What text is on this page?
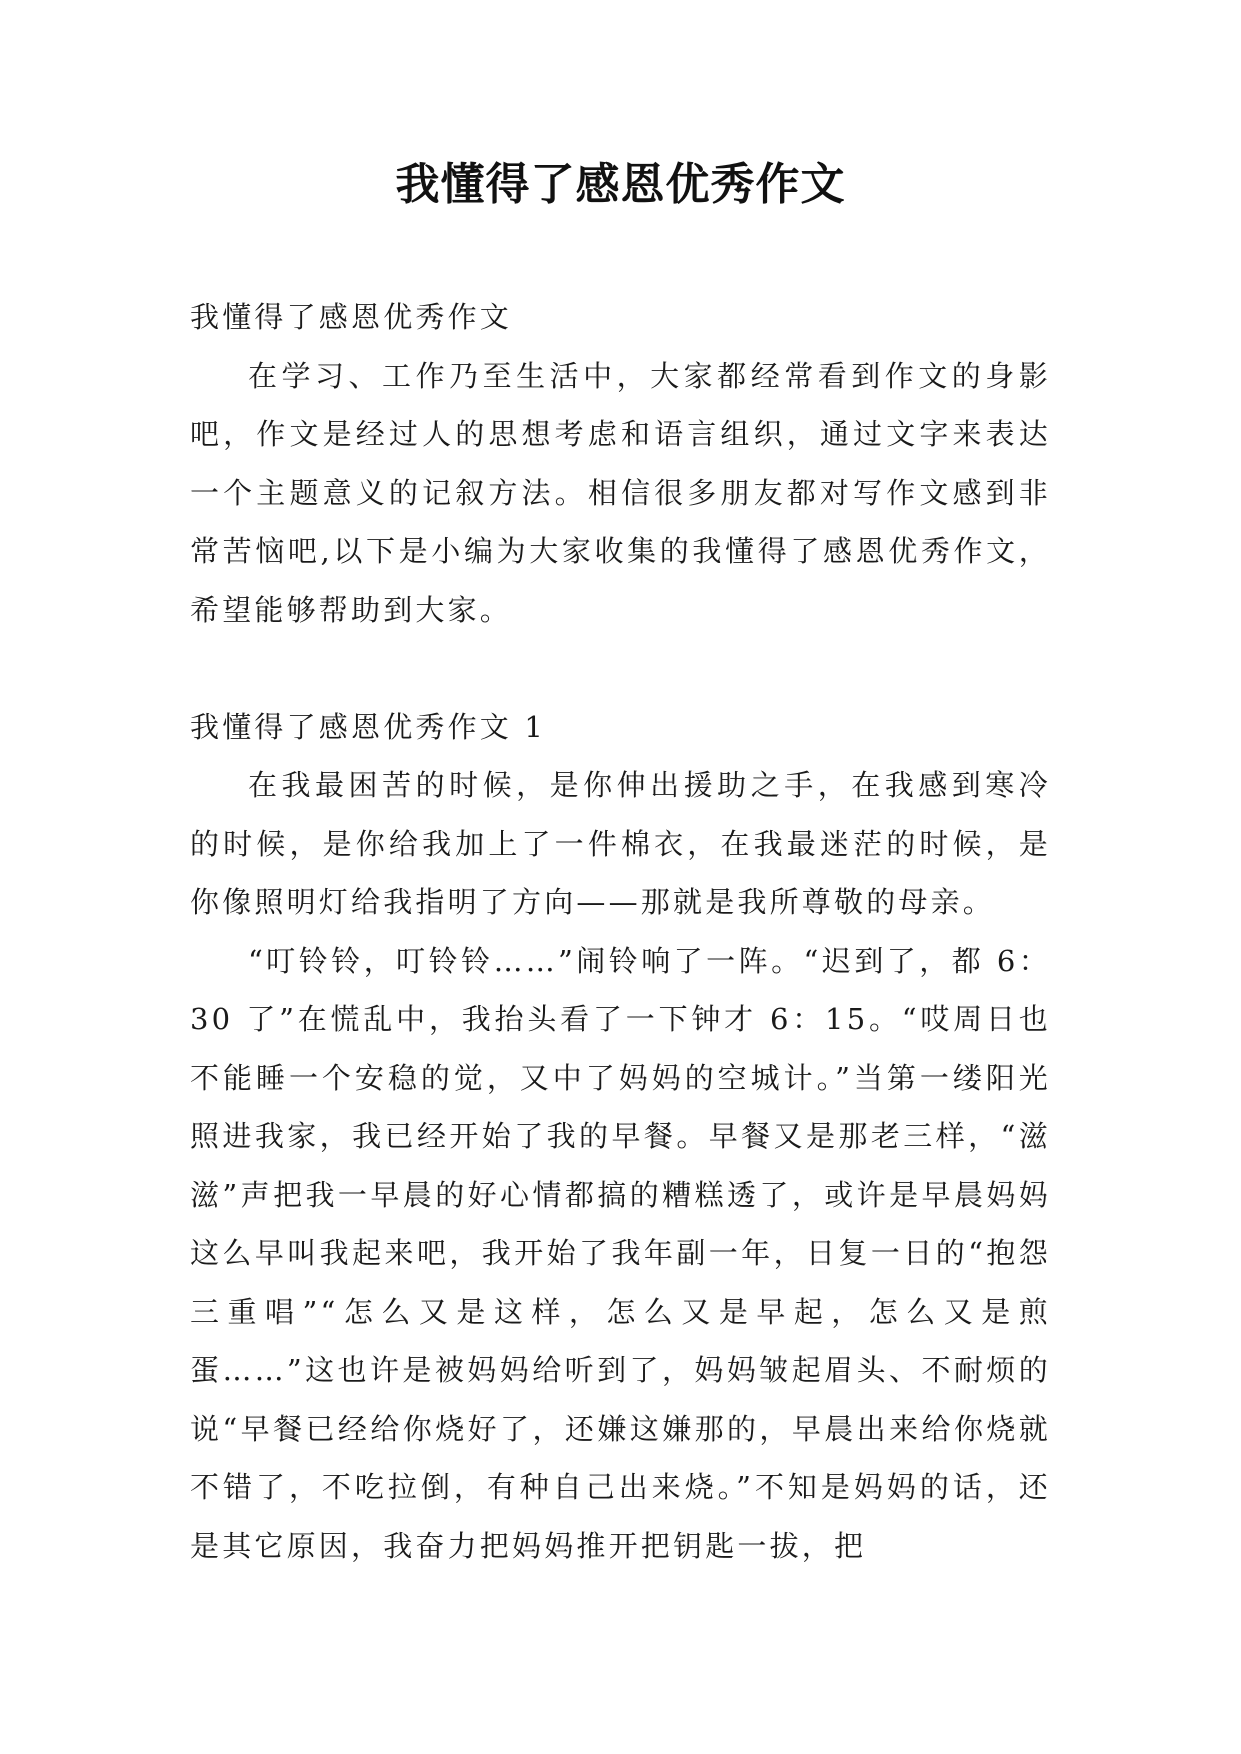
我懂得了感恩优秀作文

我懂得了感恩优秀作文

在学习、工作乃至生活中，大家都经常看到作文的身影吧，作文是经过人的思想考虑和语言组织，通过文字来表达一个主题意义的记叙方法。相信很多朋友都对写作文感到非常苦恼吧,以下是小编为大家收集的我懂得了感恩优秀作文，希望能够帮助到大家。

我懂得了感恩优秀作文 1

在我最困苦的时候，是你伸出援助之手，在我感到寒冷的时候，是你给我加上了一件棉衣，在我最迷茫的时候，是你像照明灯给我指明了方向——那就是我所尊敬的母亲。

“叮铃铃，叮铃铃……”闹铃响了一阵。“迟到了，都 6：30 了”在慌乱中，我抬头看了一下钟才 6：15。“哎周日也不能睡一个安稳的觉，又中了妈妈的空城计。”当第一缕阳光照进我家，我已经开始了我的早餐。早餐又是那老三样，“滋滋”声把我一早晨的好心情都搞的糟糕透了，或许是早晨妈妈这么早叫我起来吧，我开始了我年副一年，日复一日的“抱怨三重唱”“怎么又是这样，怎么又是早起，怎么又是煎蛋……”这也许是被妈妈给听到了，妈妈皱起眉头、不耐烦的说“早餐已经给你烧好了，还嫌这嫌那的，早晨出来给你烧就不错了，不吃拉倒，有种自己出来烧。”不知是妈妈的话，还是其它原因，我奋力把妈妈推开把钥匙一拔，把
